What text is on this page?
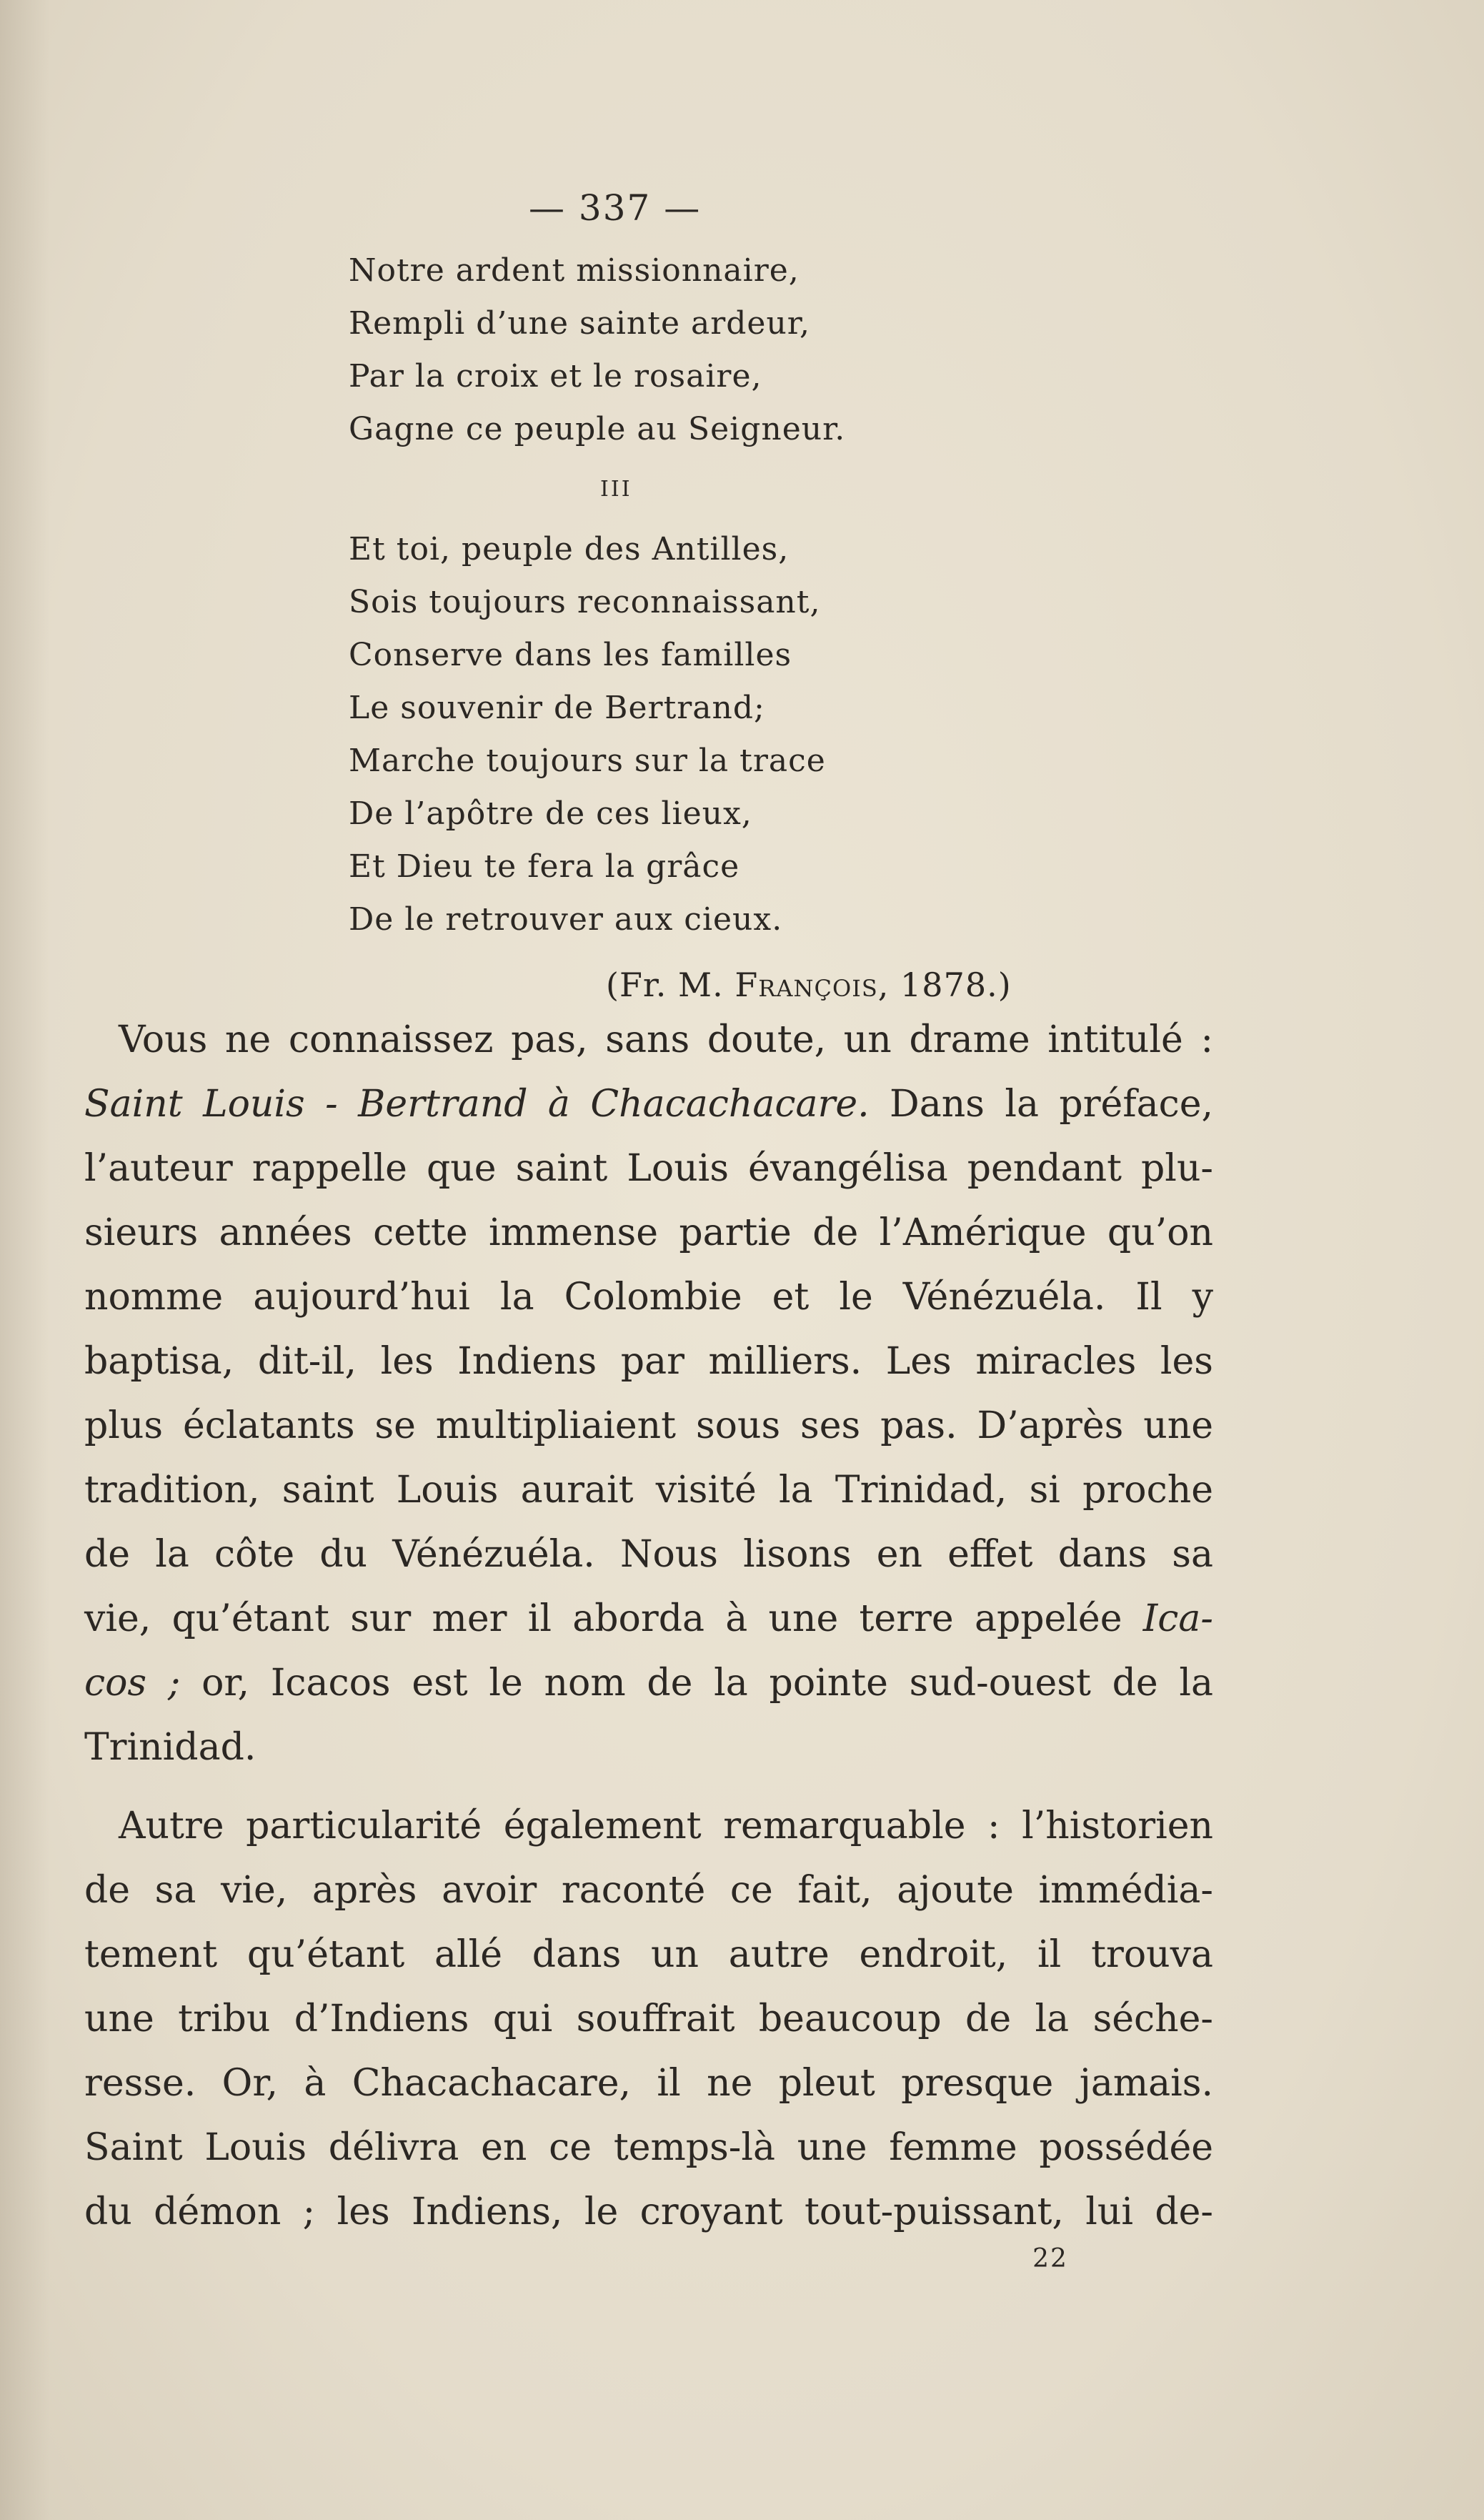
— 337 —
Notre ardent missionnaire,
Rempli d’une sainte ardeur,
Par la croix et le rosaire,
Gagne ce peuple au Seigneur.
III
Et toi, peuple des Antilles,
Sois toujours reconnaissant,
Conserve dans les familles
Le souvenir de Bertrand;
Marche toujours sur la trace
De l’apôtre de ces lieux,
Et Dieu te fera la grâce
De le retrouver aux cieux.
(Fr. M. François, 1878.)
Vous ne connaissez pas, sans doute, un drame intitulé :
Saint Louis - Bertrand à Chacachacare. Dans la préface,
l’auteur rappelle que saint Louis évangélisa pendant plu-
sieurs années cette immense partie de l’Amérique qu’on
nomme aujourd’hui la Colombie et le Vénézuéla. Il y
baptisa, dit-il, les Indiens par milliers. Les miracles les
plus éclatants se multipliaient sous ses pas. D’après une
tradition, saint Louis aurait visité la Trinidad, si proche
de la côte du Vénézuéla. Nous lisons en effet dans sa
vie, qu’étant sur mer il aborda à une terre appelée Ica-
cos ; or, Icacos est le nom de la pointe sud-ouest de la
Trinidad.
Autre particularité également remarquable : l’historien
de sa vie, après avoir raconté ce fait, ajoute immédia-
tement qu’étant allé dans un autre endroit, il trouva
une tribu d’Indiens qui souffrait beaucoup de la séche-
resse. Or, à Chacachacare, il ne pleut presque jamais.
Saint Louis délivra en ce temps-là une femme possédée
du démon ; les Indiens, le croyant tout-puissant, lui de-
22
